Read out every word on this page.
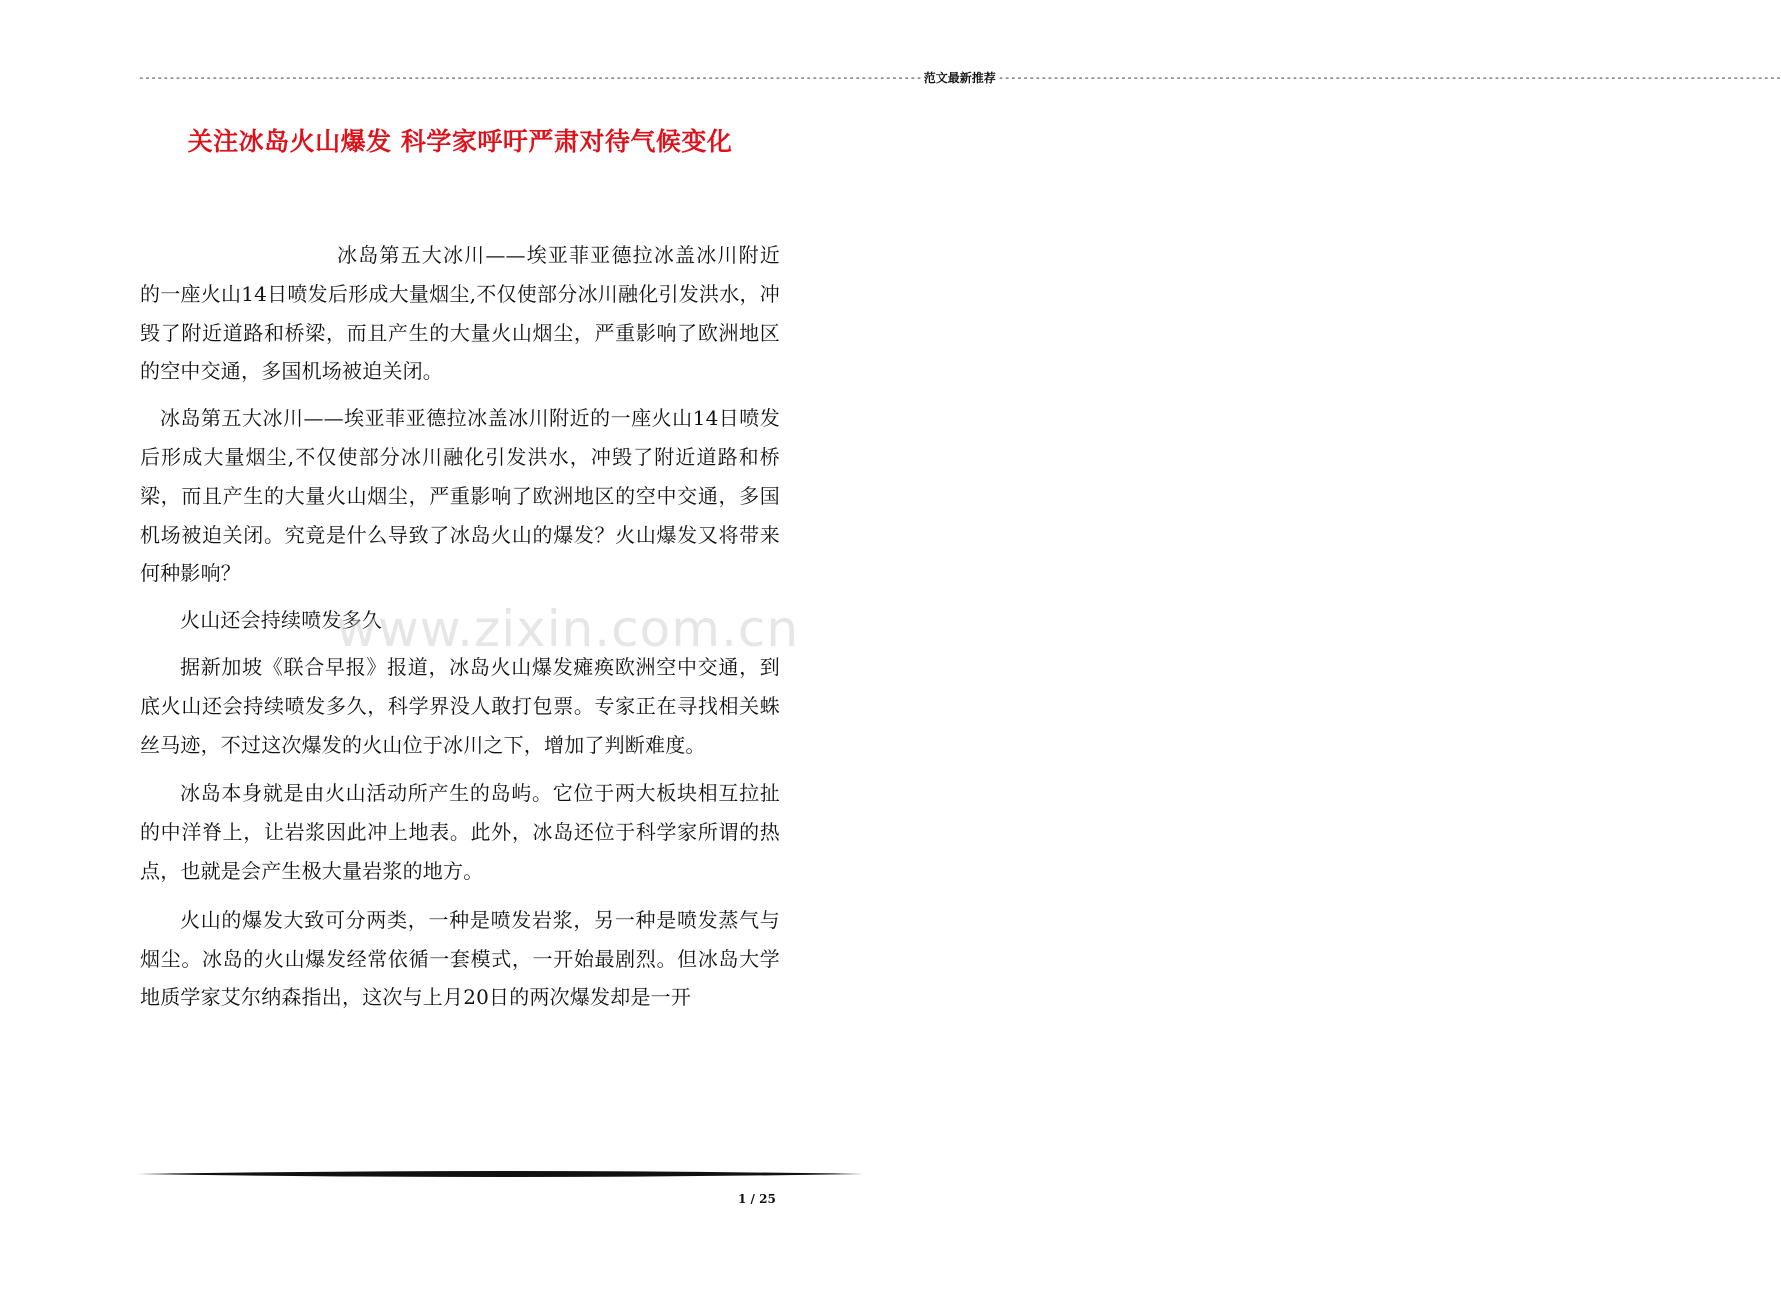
-------------------------------------------------------------------------------------------------------------------------------- 范文最新推荐 --------------------------------------------------------------------------------------------------------------------------------
关注冰岛火山爆发 科学家呼吁严肃对待气候变化

冰岛第五大冰川——埃亚菲亚德拉冰盖冰川附近的一座火山14日喷发后形成大量烟尘,不仅使部分冰川融化引发洪水，冲毁了附近道路和桥梁，而且产生的大量火山烟尘，严重影响了欧洲地区的空中交通，多国机场被迫关闭。

冰岛第五大冰川——埃亚菲亚德拉冰盖冰川附近的一座火山14日喷发后形成大量烟尘,不仅使部分冰川融化引发洪水，冲毁了附近道路和桥梁，而且产生的大量火山烟尘，严重影响了欧洲地区的空中交通，多国机场被迫关闭。究竟是什么导致了冰岛火山的爆发？火山爆发又将带来何种影响？

火山还会持续喷发多久

据新加坡《联合早报》报道，冰岛火山爆发瘫痪欧洲空中交通，到底火山还会持续喷发多久，科学界没人敢打包票。专家正在寻找相关蛛丝马迹，不过这次爆发的火山位于冰川之下，增加了判断难度。

冰岛本身就是由火山活动所产生的岛屿。它位于两大板块相互拉扯的中洋脊上，让岩浆因此冲上地表。此外，冰岛还位于科学家所谓的热点，也就是会产生极大量岩浆的地方。

火山的爆发大致可分两类，一种是喷发岩浆，另一种是喷发蒸气与烟尘。冰岛的火山爆发经常依循一套模式，一开始最剧烈。但冰岛大学地质学家艾尔纳森指出，这次与上月20日的两次爆发却是一开

www.zixin.com.cn
1 / 25
